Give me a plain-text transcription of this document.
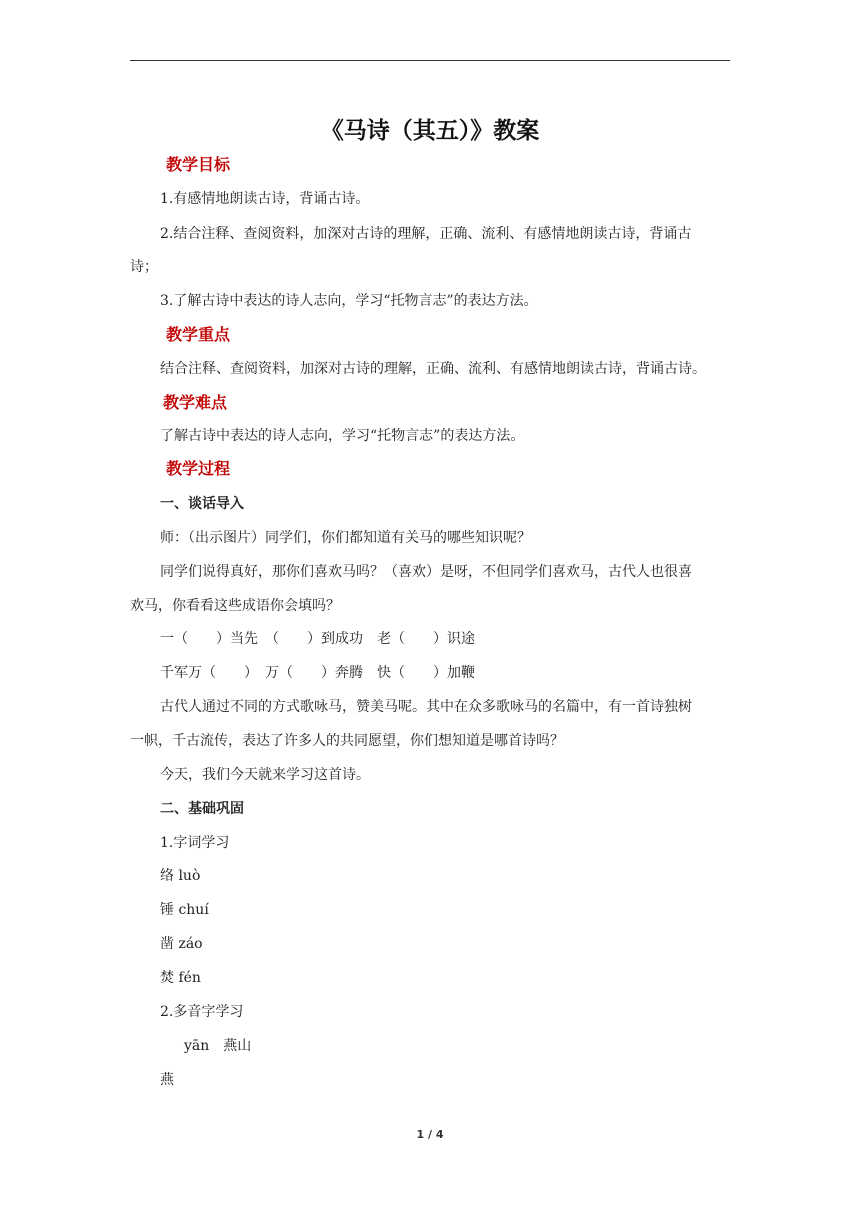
《马诗（其五）》教案
教学目标
1.有感情地朗读古诗，背诵古诗。
2.结合注释、查阅资料，加深对古诗的理解，正确、流利、有感情地朗读古诗，背诵古
诗；
3.了解古诗中表达的诗人志向，学习“托物言志”的表达方法。
教学重点
结合注释、查阅资料，加深对古诗的理解，正确、流利、有感情地朗读古诗，背诵古诗。
教学难点
了解古诗中表达的诗人志向，学习“托物言志”的表达方法。
教学过程
一、谈话导入
师：（出示图片）同学们，你们都知道有关马的哪些知识呢？
同学们说得真好，那你们喜欢马吗？（喜欢）是呀，不但同学们喜欢马，古代人也很喜
欢马，你看看这些成语你会填吗？
一（　　）当先　（　　）到成功　老（　　）识途
千军万（　　）　万（　　）奔腾　快（　　）加鞭
古代人通过不同的方式歌咏马，赞美马呢。其中在众多歌咏马的名篇中，有一首诗独树
一帜，千古流传，表达了许多人的共同愿望，你们想知道是哪首诗吗？
今天，我们今天就来学习这首诗。
二、基础巩固
1.字词学习
络 luò
锤 chuí
凿 záo
焚 fén
2.多音字学习
yān　燕山
燕
1 / 4
